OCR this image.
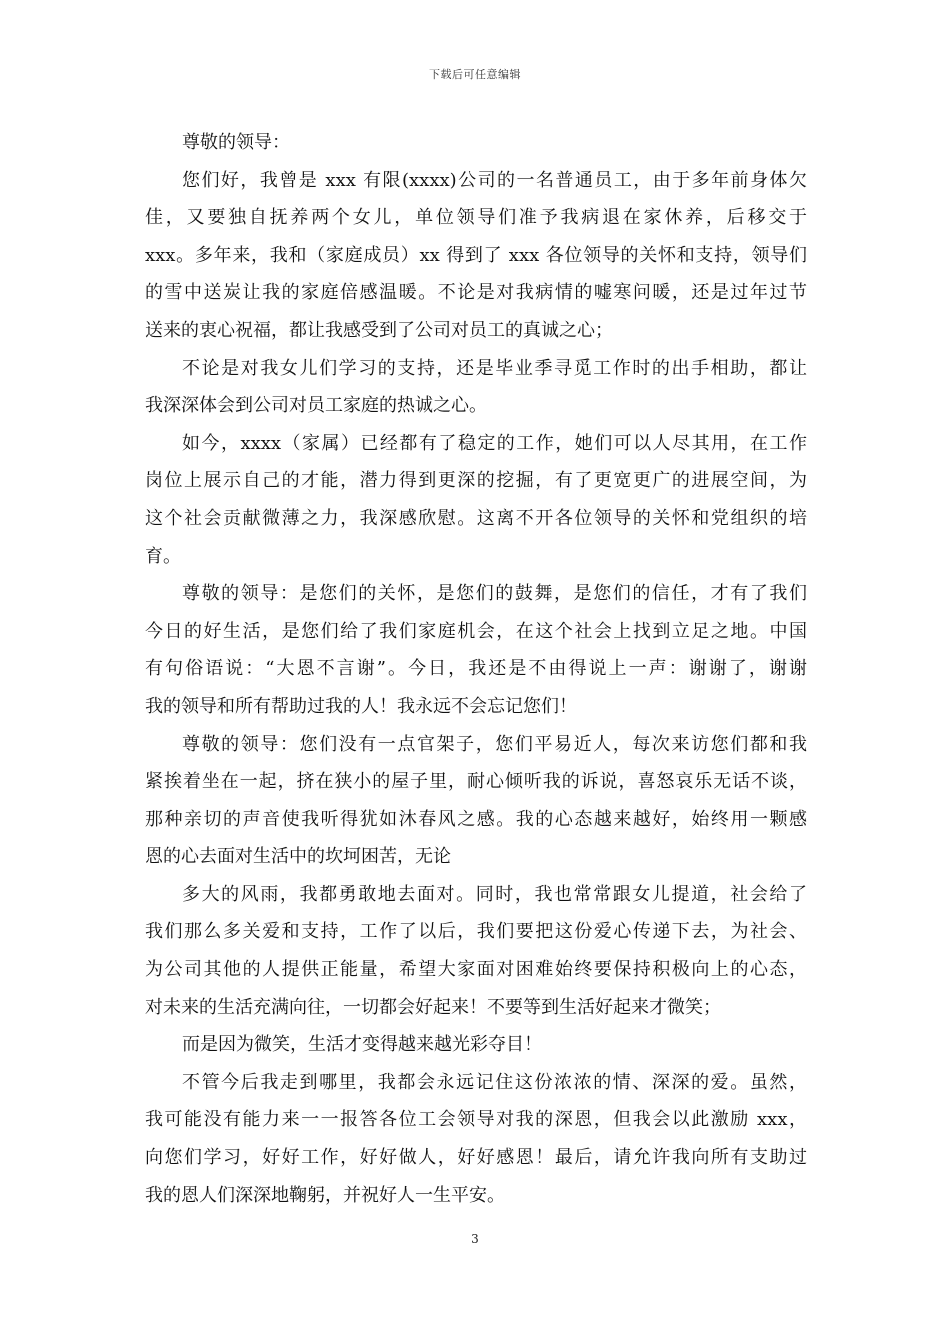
下载后可任意编辑
尊敬的领导：
您们好，我曾是 xxx 有限(xxxx)公司的一名普通员工，由于多年前身体欠
佳，又要独自抚养两个女儿，单位领导们准予我病退在家休养，后移交于
xxx。多年来，我和（家庭成员）xx 得到了 xxx 各位领导的关怀和支持，领导们
的雪中送炭让我的家庭倍感温暖。不论是对我病情的嘘寒问暖，还是过年过节
送来的衷心祝福，都让我感受到了公司对员工的真诚之心；
不论是对我女儿们学习的支持，还是毕业季寻觅工作时的出手相助，都让
我深深体会到公司对员工家庭的热诚之心。
如今，xxxx（家属）已经都有了稳定的工作，她们可以人尽其用，在工作
岗位上展示自己的才能，潜力得到更深的挖掘，有了更宽更广的进展空间，为
这个社会贡献微薄之力，我深感欣慰。这离不开各位领导的关怀和党组织的培
育。
尊敬的领导：是您们的关怀，是您们的鼓舞，是您们的信任，才有了我们
今日的好生活，是您们给了我们家庭机会，在这个社会上找到立足之地。中国
有句俗语说：“大恩不言谢”。今日，我还是不由得说上一声：谢谢了，谢谢
我的领导和所有帮助过我的人！我永远不会忘记您们！
尊敬的领导：您们没有一点官架子，您们平易近人，每次来访您们都和我
紧挨着坐在一起，挤在狭小的屋子里，耐心倾听我的诉说，喜怒哀乐无话不谈，
那种亲切的声音使我听得犹如沐春风之感。我的心态越来越好，始终用一颗感
恩的心去面对生活中的坎坷困苦，无论
多大的风雨，我都勇敢地去面对。同时，我也常常跟女儿提道，社会给了
我们那么多关爱和支持，工作了以后，我们要把这份爱心传递下去，为社会、
为公司其他的人提供正能量，希望大家面对困难始终要保持积极向上的心态，
对未来的生活充满向往，一切都会好起来！不要等到生活好起来才微笑；
而是因为微笑，生活才变得越来越光彩夺目！
不管今后我走到哪里，我都会永远记住这份浓浓的情、深深的爱。虽然，
我可能没有能力来一一报答各位工会领导对我的深恩，但我会以此激励 xxx，
向您们学习，好好工作，好好做人，好好感恩！最后，请允许我向所有支助过
我的恩人们深深地鞠躬，并祝好人一生平安。
3
